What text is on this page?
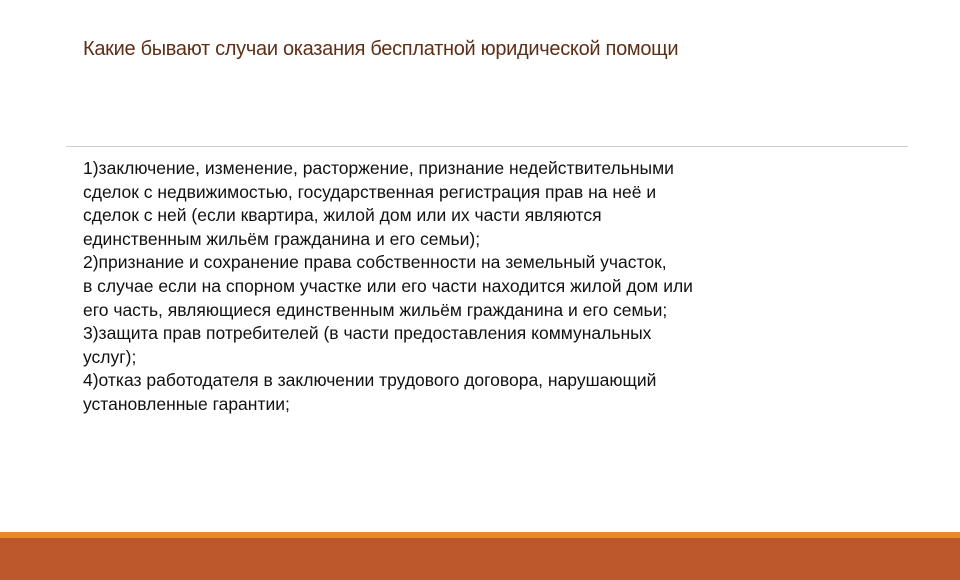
Какие бывают случаи оказания бесплатной юридической помощи
1)заключение, изменение, расторжение, признание недействительными
сделок с недвижимостью, государственная регистрация прав на неё и
сделок с ней (если квартира, жилой дом или их части являются
единственным жильём гражданина и его семьи);
2)признание и сохранение права собственности на земельный участок,
в случае если на спорном участке или его части находится жилой дом или
его часть, являющиеся единственным жильём гражданина и его семьи;
3)защита прав потребителей (в части предоставления коммунальных
услуг);
4)отказ работодателя в заключении трудового договора, нарушающий
установленные гарантии;
